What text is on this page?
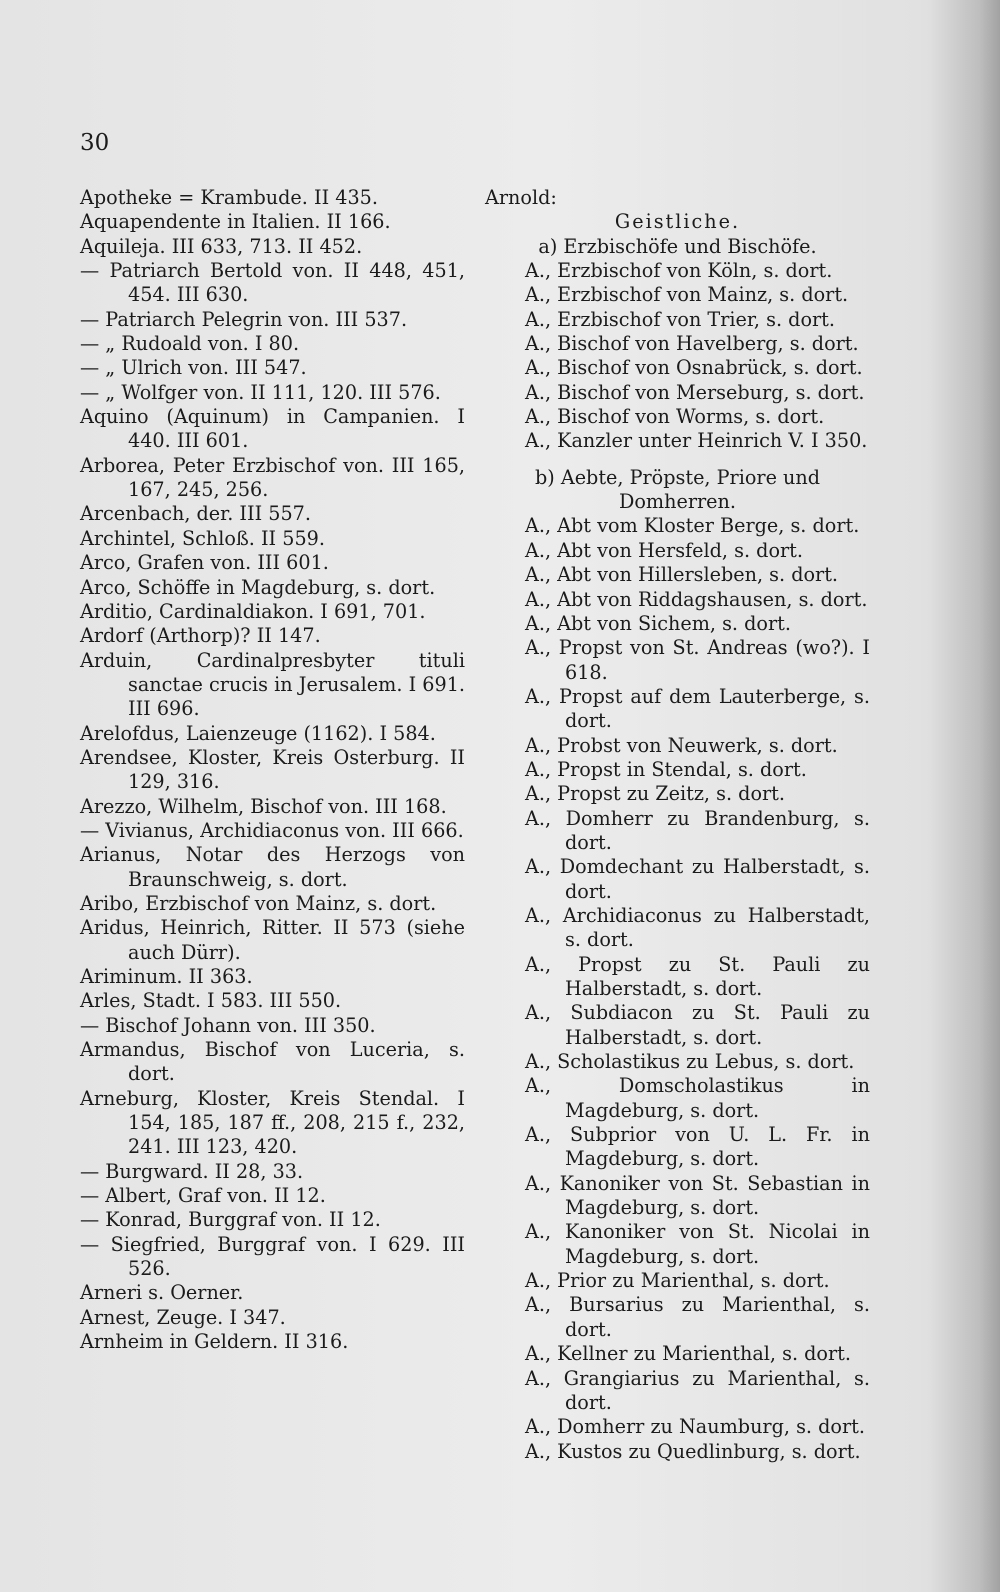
30
Apotheke = Krambude. II 435.
Aquapendente in Italien. II 166.
Aquileja. III 633, 713. II 452.
— Patriarch Bertold von. II 448, 451, 454. III 630.
— Patriarch Pelegrin von. III 537.
— „ Rudoald von. I 80.
— „ Ulrich von. III 547.
— „ Wolfger von. II 111, 120. III 576.
Aquino (Aquinum) in Campanien. I 440. III 601.
Arborea, Peter Erzbischof von. III 165, 167, 245, 256.
Arcenbach, der. III 557.
Archintel, Schloß. II 559.
Arco, Grafen von. III 601.
Arco, Schöffe in Magdeburg, s. dort.
Arditio, Cardinaldiakon. I 691, 701.
Ardorf (Arthorp)? II 147.
Arduin, Cardinalpresbyter tituli sanctae crucis in Jerusalem. I 691. III 696.
Arelofdus, Laienzeuge (1162). I 584.
Arendsee, Kloster, Kreis Osterburg. II 129, 316.
Arezzo, Wilhelm, Bischof von. III 168.
— Vivianus, Archidiaconus von. III 666.
Arianus, Notar des Herzogs von Braunschweig, s. dort.
Aribo, Erzbischof von Mainz, s. dort.
Aridus, Heinrich, Ritter. II 573 (siehe auch Dürr).
Ariminum. II 363.
Arles, Stadt. I 583. III 550.
— Bischof Johann von. III 350.
Armandus, Bischof von Luceria, s. dort.
Arneburg, Kloster, Kreis Stendal. I 154, 185, 187 ff., 208, 215 f., 232, 241. III 123, 420.
— Burgward. II 28, 33.
— Albert, Graf von. II 12.
— Konrad, Burggraf von. II 12.
— Siegfried, Burggraf von. I 629. III 526.
Arneri s. Oerner.
Arnest, Zeuge. I 347.
Arnheim in Geldern. II 316.
Arnold:
Geistliche.
a) Erzbischöfe und Bischöfe.
A., Erzbischof von Köln, s. dort.
A., Erzbischof von Mainz, s. dort.
A., Erzbischof von Trier, s. dort.
A., Bischof von Havelberg, s. dort.
A., Bischof von Osnabrück, s. dort.
A., Bischof von Merseburg, s. dort.
A., Bischof von Worms, s. dort.
A., Kanzler unter Heinrich V. I 350.
b) Aebte, Pröpste, Priore und Domherren.
A., Abt vom Kloster Berge, s. dort.
A., Abt von Hersfeld, s. dort.
A., Abt von Hillersleben, s. dort.
A., Abt von Riddagshausen, s. dort.
A., Abt von Sichem, s. dort.
A., Propst von St. Andreas (wo?). I 618.
A., Propst auf dem Lauterberge, s. dort.
A., Probst von Neuwerk, s. dort.
A., Propst in Stendal, s. dort.
A., Propst zu Zeitz, s. dort.
A., Domherr zu Brandenburg, s. dort.
A., Domdechant zu Halberstadt, s. dort.
A., Archidiaconus zu Halberstadt, s. dort.
A., Propst zu St. Pauli zu Halberstadt, s. dort.
A., Subdiacon zu St. Pauli zu Halberstadt, s. dort.
A., Scholastikus zu Lebus, s. dort.
A., Domscholastikus in Magdeburg, s. dort.
A., Subprior von U. L. Fr. in Magdeburg, s. dort.
A., Kanoniker von St. Sebastian in Magdeburg, s. dort.
A., Kanoniker von St. Nicolai in Magdeburg, s. dort.
A., Prior zu Marienthal, s. dort.
A., Bursarius zu Marienthal, s. dort.
A., Kellner zu Marienthal, s. dort.
A., Grangiarius zu Marienthal, s. dort.
A., Domherr zu Naumburg, s. dort.
A., Kustos zu Quedlinburg, s. dort.
